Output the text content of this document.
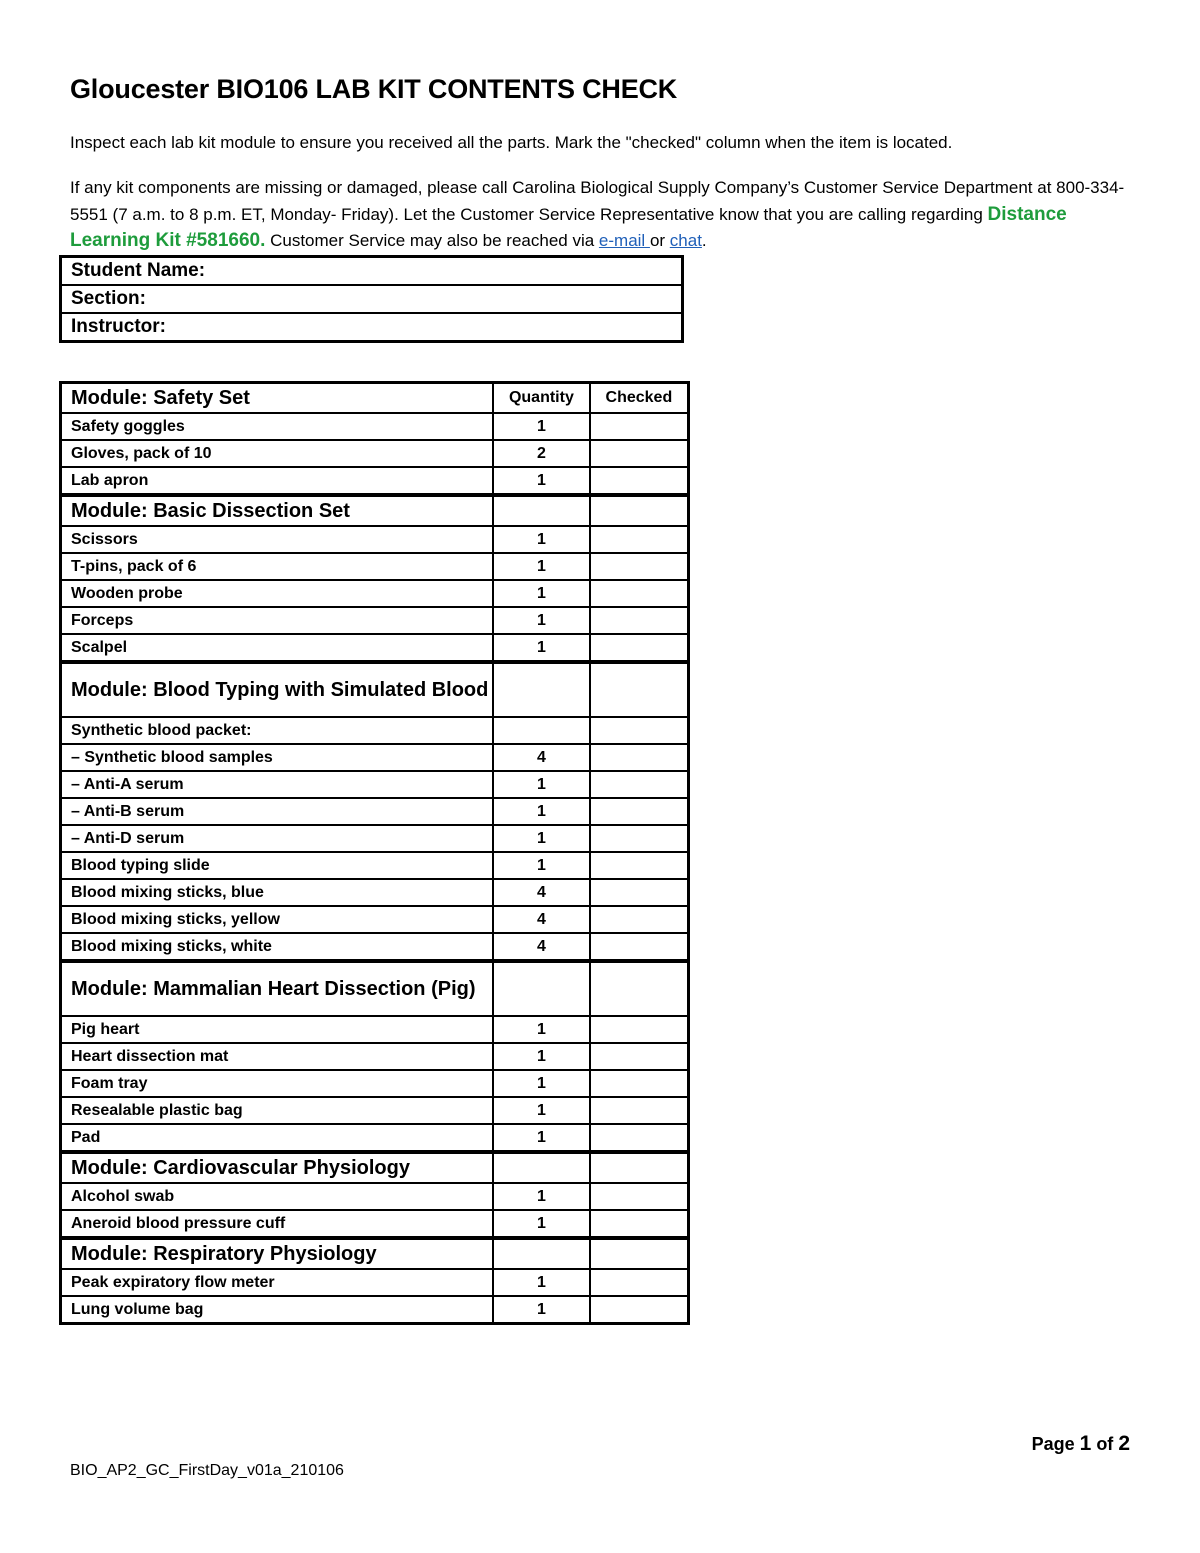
Gloucester BIO106 LAB KIT CONTENTS CHECK

Inspect each lab kit module to ensure you received all the parts. Mark the "checked" column when the item is located.

If any kit components are missing or damaged, please call Carolina Biological Supply Company’s Customer Service Department at 800-334-5551 (7 a.m. to 8 p.m. ET, Monday- Friday). Let the Customer Service Representative know that you are calling regarding Distance Learning Kit #581660. Customer Service may also be reached via e-mail or chat.

Student Name:
Section:
Instructor:
Module: Safety Set	Quantity	Checked
Safety goggles	1	
Gloves, pack of 10	2	
Lab apron	1	
Module: Basic Dissection Set		
Scissors	1	
T-pins, pack of 6	1	
Wooden probe	1	
Forceps	1	
Scalpel	1	
Module: Blood Typing with Simulated Blood		
Synthetic blood packet:		
– Synthetic blood samples	4	
– Anti-A serum	1	
– Anti-B serum	1	
– Anti-D serum	1	
Blood typing slide	1	
Blood mixing sticks, blue	4	
Blood mixing sticks, yellow	4	
Blood mixing sticks, white	4	
Module: Mammalian Heart Dissection (Pig)		
Pig heart	1	
Heart dissection mat	1	
Foam tray	1	
Resealable plastic bag	1	
Pad	1	
Module: Cardiovascular Physiology		
Alcohol swab	1	
Aneroid blood pressure cuff	1	
Module: Respiratory Physiology		
Peak expiratory flow meter	1	
Lung volume bag	1	
Page 1 of 2
BIO_AP2_GC_FirstDay_v01a_210106
